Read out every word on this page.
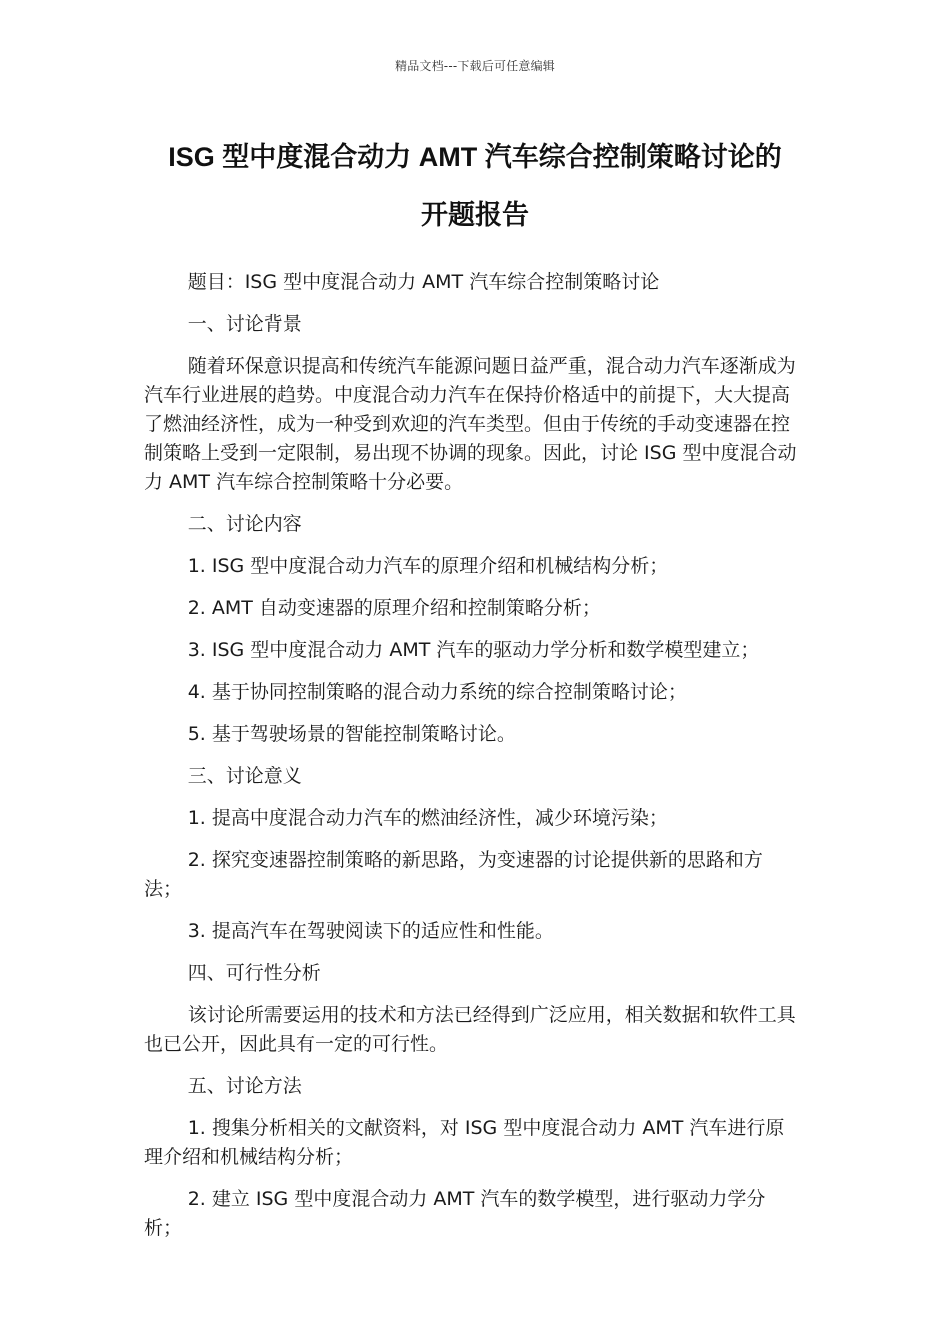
精品文档---下载后可任意编辑
ISG 型中度混合动力 AMT 汽车综合控制策略讨论的
开题报告

题目：ISG 型中度混合动力 AMT 汽车综合控制策略讨论

一、讨论背景

随着环保意识提高和传统汽车能源问题日益严重，混合动力汽车逐渐成为汽车行业进展的趋势。中度混合动力汽车在保持价格适中的前提下，大大提高了燃油经济性，成为一种受到欢迎的汽车类型。但由于传统的手动变速器在控制策略上受到一定限制，易出现不协调的现象。因此，讨论 ISG 型中度混合动力 AMT 汽车综合控制策略十分必要。

二、讨论内容

1. ISG 型中度混合动力汽车的原理介绍和机械结构分析；

2. AMT 自动变速器的原理介绍和控制策略分析；

3. ISG 型中度混合动力 AMT 汽车的驱动力学分析和数学模型建立；

4. 基于协同控制策略的混合动力系统的综合控制策略讨论；

5. 基于驾驶场景的智能控制策略讨论。

三、讨论意义

1. 提高中度混合动力汽车的燃油经济性，减少环境污染；

2. 探究变速器控制策略的新思路，为变速器的讨论提供新的思路和方法；

3. 提高汽车在驾驶阅读下的适应性和性能。

四、可行性分析

该讨论所需要运用的技术和方法已经得到广泛应用，相关数据和软件工具也已公开，因此具有一定的可行性。

五、讨论方法

1. 搜集分析相关的文献资料，对 ISG 型中度混合动力 AMT 汽车进行原理介绍和机械结构分析；

2. 建立 ISG 型中度混合动力 AMT 汽车的数学模型，进行驱动力学分析；
